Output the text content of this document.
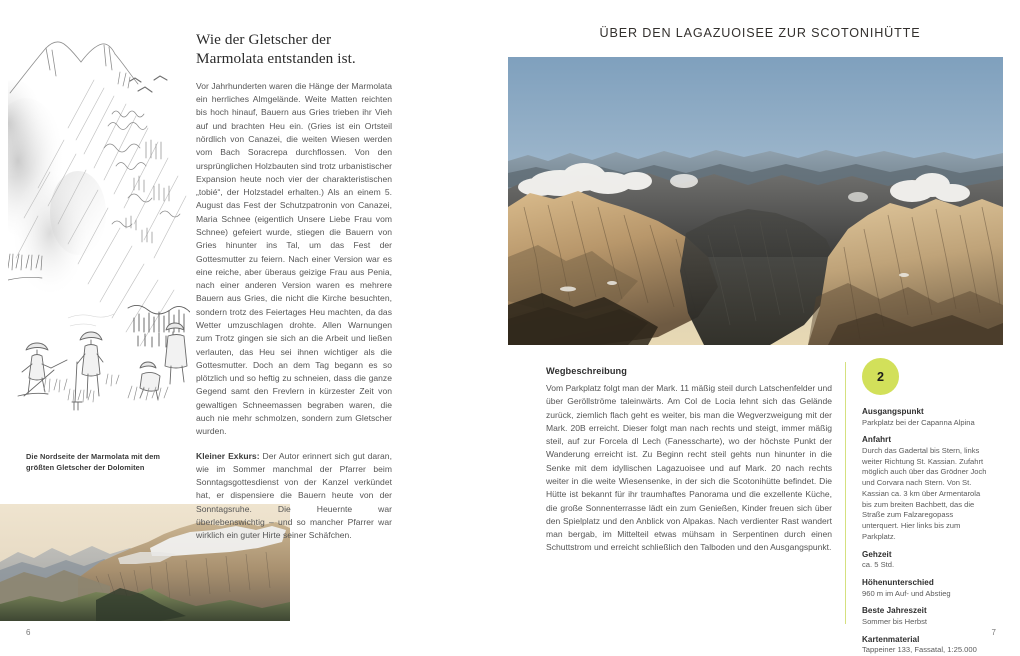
Die Nordseite der Marmolata mit dem größten Gletscher der Dolomiten
Wie der Gletscher der Marmolata entstanden ist.

Vor Jahrhunderten waren die Hänge der Marmolata ein herrliches Almgelände. Weite Matten reichten bis hoch hinauf, Bauern aus Gries trieben ihr Vieh auf und brachten Heu ein. (Gries ist ein Ortsteil nördlich von Canazei, die weiten Wiesen werden vom Bach Soracrepa durchflossen. Von den ursprünglichen Holzbauten sind trotz urbanistischer Expansion heute noch vier der charakteristischen „tobié“, der Holzstadel erhalten.) Als an einem 5. August das Fest der Schutzpatronin von Canazei, Maria Schnee (eigentlich Unsere Liebe Frau vom Schnee) gefeiert wurde, stiegen die Bauern von Gries hinunter ins Tal, um das Fest der Gottesmutter zu feiern. Nach einer Version war es eine reiche, aber überaus geizige Frau aus Penia, nach einer anderen Version waren es mehrere Bauern aus Gries, die nicht die Kirche besuchten, sondern trotz des Feiertages Heu machten, da das Wetter umzuschlagen drohte. Allen Warnungen zum Trotz gingen sie sich an die Arbeit und ließen verlauten, das Heu sei ihnen wichtiger als die Gottesmutter. Doch an dem Tag begann es so plötzlich und so heftig zu schneien, dass die ganze Gegend samt den Frevlern in kürzester Zeit von gewaltigen Schneemassen begraben waren, die auch nie mehr schmolzen, sondern zum Gletscher wurden.

Kleiner Exkurs: Der Autor erinnert sich gut daran, wie im Sommer manchmal der Pfarrer beim Sonntagsgottesdienst von der Kanzel verkündet hat, er dispensiere die Bauern heute von der Sonntagsruhe. Die Heuernte war überlebenswichtig – und so mancher Pfarrer war wirklich ein guter Hirte seiner Schäfchen.

6
ÜBER DEN LAGAZUOISEE ZUR SCOTONIHÜTTE
Wegbeschreibung

Vom Parkplatz folgt man der Mark. 11 mäßig steil durch Latschenfelder und über Geröllströme taleinwärts. Am Col de Locia lehnt sich das Gelände zurück, ziemlich flach geht es weiter, bis man die Wegverzweigung mit der Mark. 20B erreicht. Dieser folgt man nach rechts und steigt, immer mäßig steil, auf zur Forcela dl Lech (Fanesscharte), wo der höchste Punkt der Wanderung erreicht ist. Zu Beginn recht steil gehts nun hinunter in die Senke mit dem idyllischen Lagazuoisee und auf Mark. 20 nach rechts weiter in die weite Wiesensenke, in der sich die Scotonihütte befindet. Die Hütte ist bekannt für ihr traumhaftes Panorama und die exzellente Küche, die große Sonnenterrasse lädt ein zum Genießen, Kinder freuen sich über den Spielplatz und den Anblick von Alpakas. Nach verdienter Rast wandert man bergab, im Mittelteil etwas mühsam in Serpentinen durch einen Schuttstrom und erreicht schließlich den Talboden und den Ausgangspunkt.

2
Ausgangspunkt
Parkplatz bei der Capanna Alpina
Anfahrt
Durch das Gadertal bis Stern, links weiter Richtung St. Kassian. Zufahrt möglich auch über das Grödner Joch und Corvara nach Stern. Von St. Kassian ca. 3 km über Armentarola bis zum breiten Bachbett, das die Straße zum Falzaregopass unterquert. Hier links bis zum Parkplatz.
Gehzeit
ca. 5 Std.
Höhenunterschied
960 m im Auf- und Abstieg
Beste Jahreszeit
Sommer bis Herbst
Kartenmaterial
Tappeiner 133, Fassatal, 1:25.000
7
